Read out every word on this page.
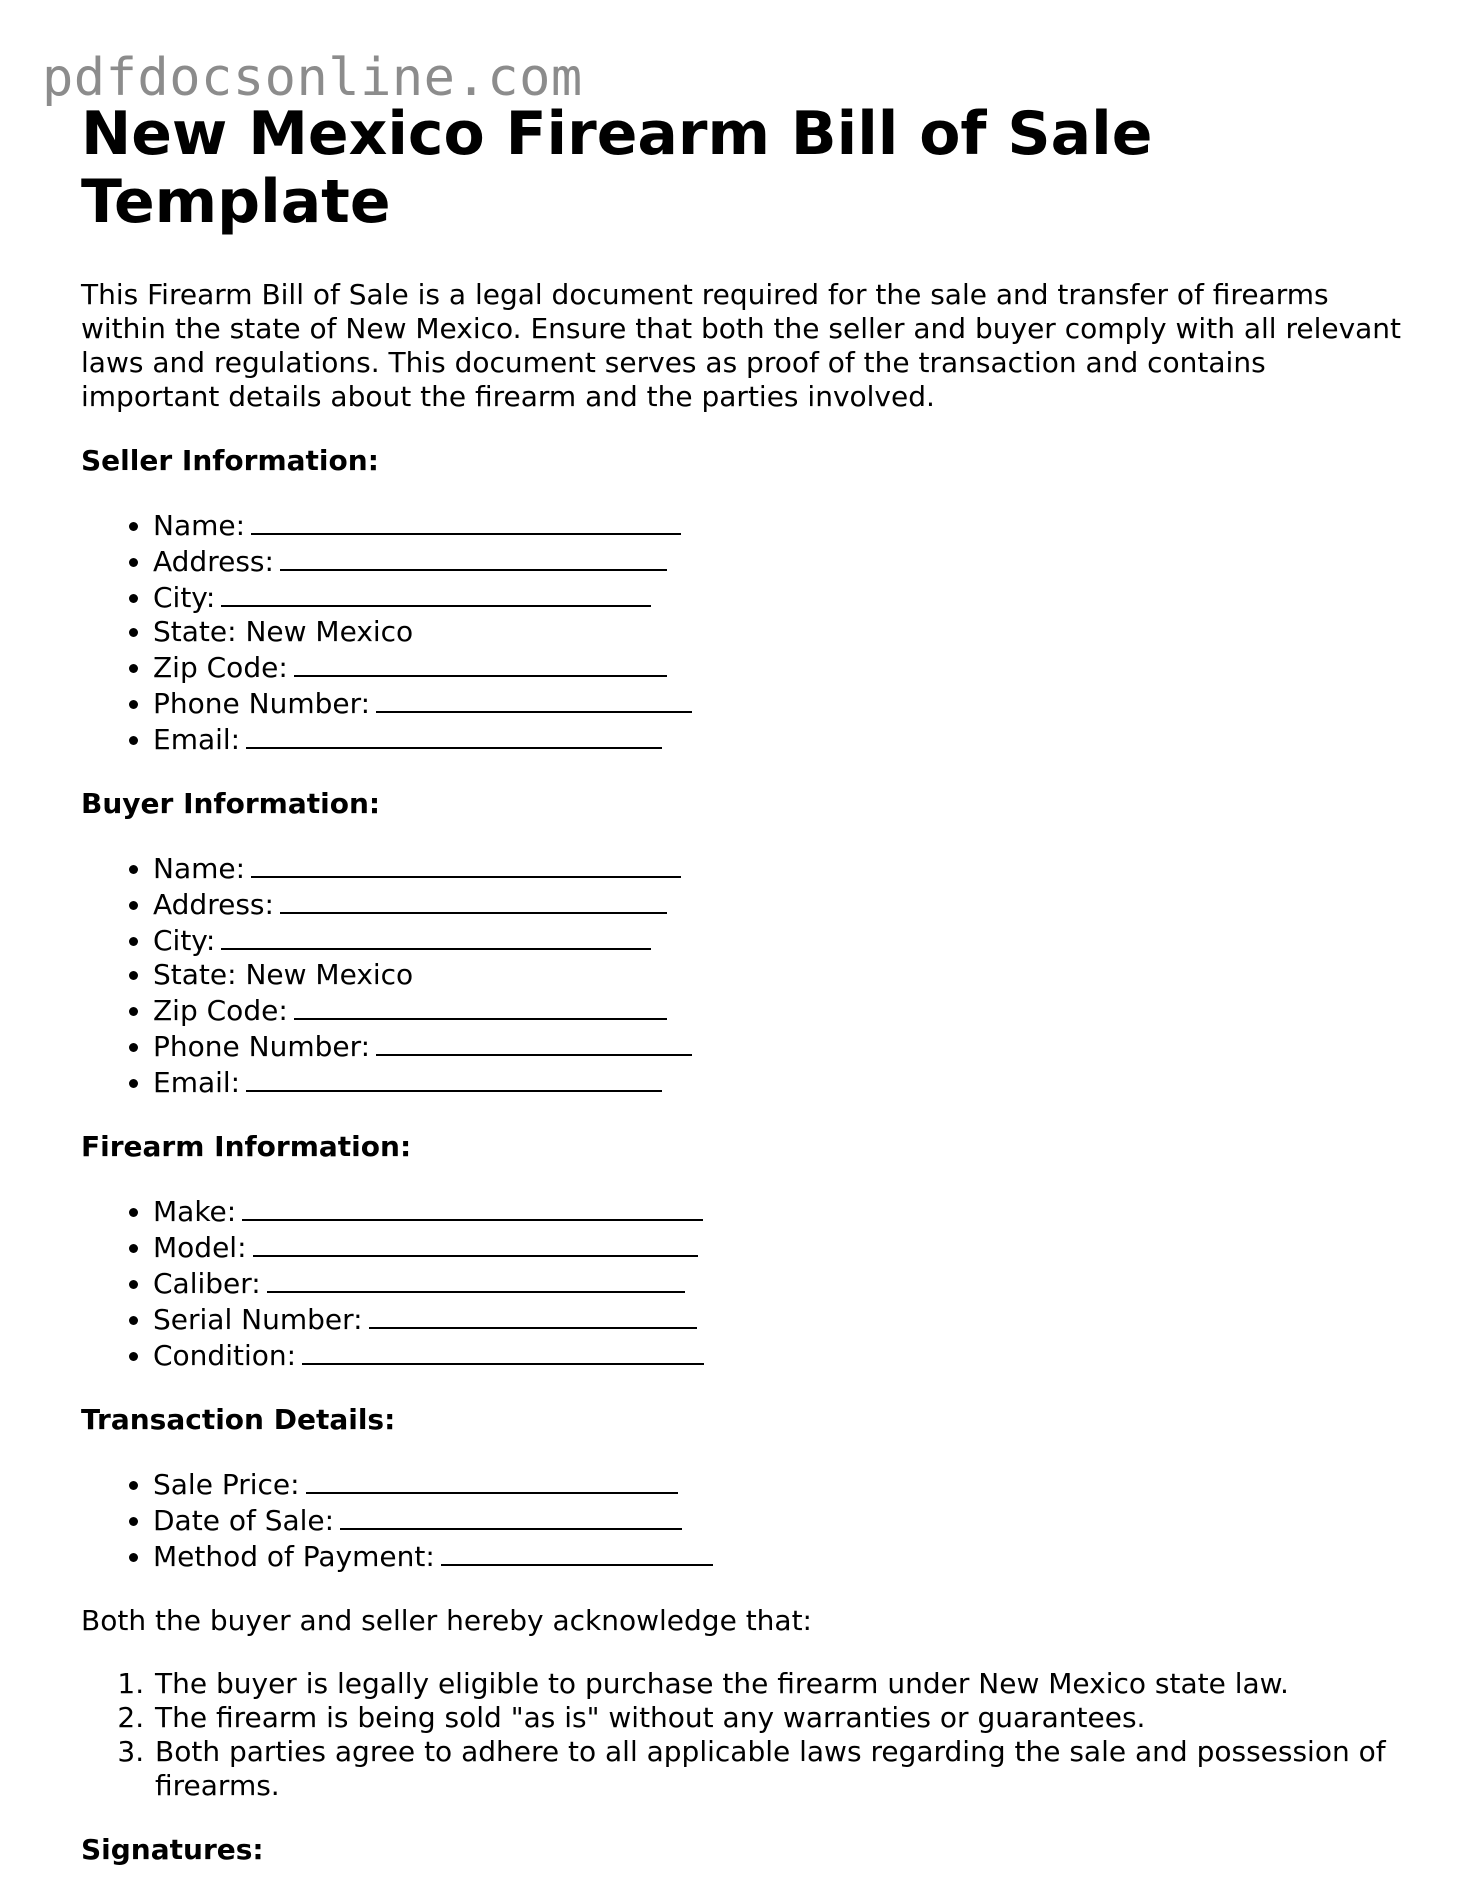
pdfdocsonline.com
New Mexico Firearm Bill of Sale Template

This Firearm Bill of Sale is a legal document required for the sale and transfer of firearms within the state of New Mexico. Ensure that both the seller and buyer comply with all relevant laws and regulations. This document serves as proof of the transaction and contains important details about the firearm and the parties involved.

Seller Information:
• Name:
• Address:
• City:
• State: New Mexico
• Zip Code:
• Phone Number:
• Email:
Buyer Information:
• Name:
• Address:
• City:
• State: New Mexico
• Zip Code:
• Phone Number:
• Email:
Firearm Information:
• Make:
• Model:
• Caliber:
• Serial Number:
• Condition:
Transaction Details:
• Sale Price:
• Date of Sale:
• Method of Payment:

Both the buyer and seller hereby acknowledge that:

1. The buyer is legally eligible to purchase the firearm under New Mexico state law.
2. The firearm is being sold "as is" without any warranties or guarantees.
3. Both parties agree to adhere to all applicable laws regarding the sale and possession of firearms.
Signatures:
